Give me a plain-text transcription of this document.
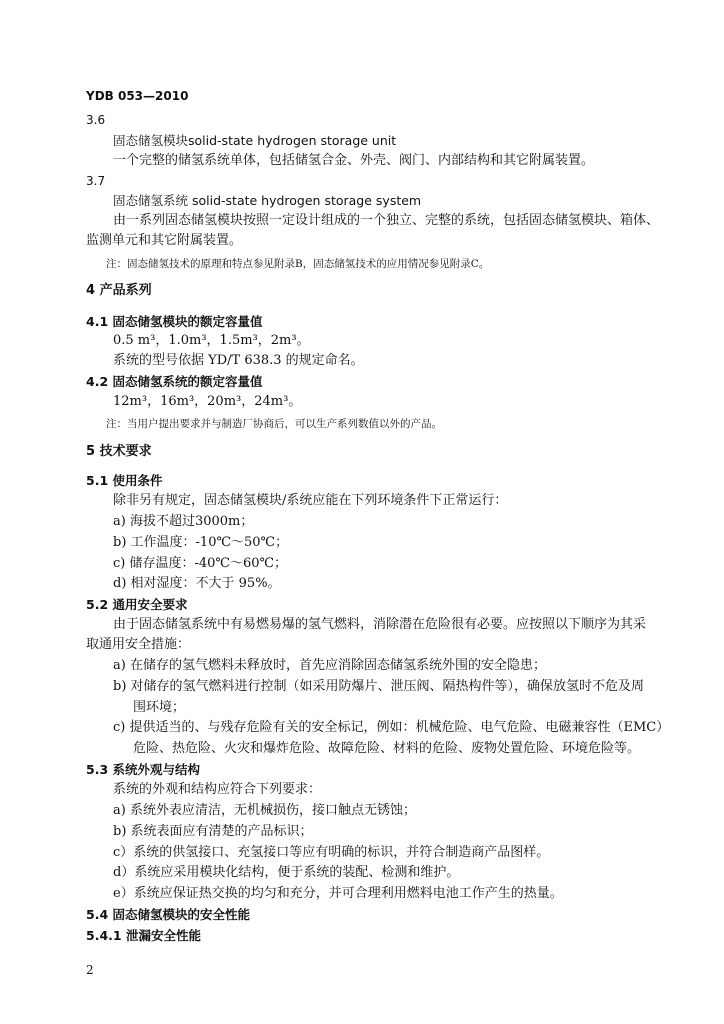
YDB 053—2010
3.6
固态储氢模块solid-state hydrogen storage unit
一个完整的储氢系统单体，包括储氢合金、外壳、阀门、内部结构和其它附属装置。
3.7
固态储氢系统 solid-state hydrogen storage system
由一系列固态储氢模块按照一定设计组成的一个独立、完整的系统，包括固态储氢模块、箱体、
监测单元和其它附属装置。
注：固态储氢技术的原理和特点参见附录B，固态储氢技术的应用情况参见附录C。
4 产品系列
4.1 固态储氢模块的额定容量值
0.5 m³，1.0m³，1.5m³，2m³。
系统的型号依据 YD/T 638.3 的规定命名。
4.2 固态储氢系统的额定容量值
12m³，16m³，20m³，24m³。
注：当用户提出要求并与制造厂协商后，可以生产系列数值以外的产品。
5 技术要求
5.1 使用条件
除非另有规定，固态储氢模块/系统应能在下列环境条件下正常运行：
a) 海拔不超过3000m；
b) 工作温度：-10℃～50℃；
c) 储存温度：-40℃～60℃；
d) 相对湿度：不大于 95%。
5.2 通用安全要求
由于固态储氢系统中有易燃易爆的氢气燃料，消除潜在危险很有必要。应按照以下顺序为其采
取通用安全措施：
a) 在储存的氢气燃料未释放时，首先应消除固态储氢系统外围的安全隐患；
b) 对储存的氢气燃料进行控制（如采用防爆片、泄压阀、隔热构件等），确保放氢时不危及周
围环境；
c) 提供适当的、与残存危险有关的安全标记，例如：机械危险、电气危险、电磁兼容性（EMC）
危险、热危险、火灾和爆炸危险、故障危险、材料的危险、废物处置危险、环境危险等。
5.3 系统外观与结构
系统的外观和结构应符合下列要求：
a) 系统外表应清洁，无机械损伤，接口触点无锈蚀；
b) 系统表面应有清楚的产品标识；
c）系统的供氢接口、充氢接口等应有明确的标识，并符合制造商产品图样。
d）系统应采用模块化结构，便于系统的装配、检测和维护。
e）系统应保证热交换的均匀和充分，并可合理利用燃料电池工作产生的热量。
5.4 固态储氢模块的安全性能
5.4.1 泄漏安全性能
2
